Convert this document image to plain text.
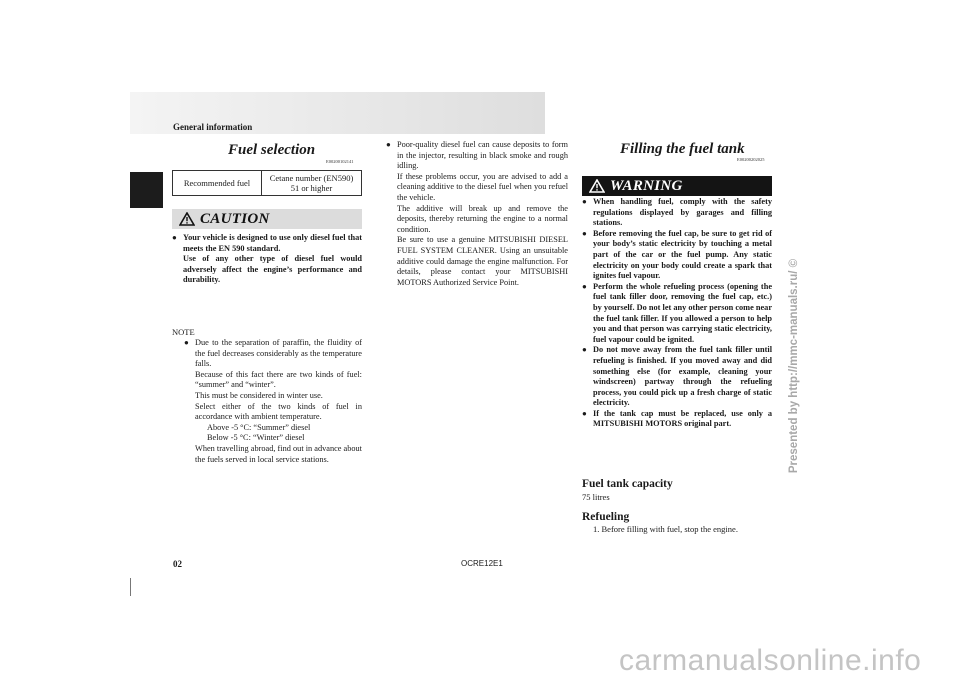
General information
Fuel selection
E00200102141
Recommended fuel	Cetane number (EN590)
51 or higher
CAUTION
● Your vehicle is designed to use only diesel fuel that meets the EN 590 standard.

Use of any other type of diesel fuel would adversely affect the engine’s performance and durability.

NOTE
● Due to the separation of paraffin, the fluidity of the fuel decreases considerably as the temperature falls.

Because of this fact there are two kinds of fuel: “summer” and “winter”.

This must be considered in winter use.

Select either of the two kinds of fuel in accordance with ambient temperature.

Above -5 °C: “Summer” diesel

Below -5 °C: “Winter” diesel

When travelling abroad, find out in advance about the fuels served in local service stations.

● Poor-quality diesel fuel can cause deposits to form in the injector, resulting in black smoke and rough idling.

If these problems occur, you are advised to add a cleaning additive to the diesel fuel when you refuel the vehicle.

The additive will break up and remove the deposits, thereby returning the engine to a normal condition.

Be sure to use a genuine MITSUBISHI DIESEL FUEL SYSTEM CLEANER. Using an unsuitable additive could damage the engine malfunction. For details, please contact your MITSUBISHI MOTORS Authorized Service Point.

Filling the fuel tank
E00200202025
WARNING
● When handling fuel, comply with the safety regulations displayed by garages and filling stations.
● Before removing the fuel cap, be sure to get rid of your body’s static electricity by touching a metal part of the car or the fuel pump. Any static electricity on your body could create a spark that ignites fuel vapour.
● Perform the whole refueling process (opening the fuel tank filler door, removing the fuel cap, etc.) by yourself. Do not let any other person come near the fuel tank filler. If you allowed a person to help you and that person was carrying static electricity, fuel vapour could be ignited.
● Do not move away from the fuel tank filler until refueling is finished. If you moved away and did something else (for example, cleaning your windscreen) partway through the refueling process, you could pick up a fresh charge of static electricity.
● If the tank cap must be replaced, use only a MITSUBISHI MOTORS original part.
Fuel tank capacity
75 litres
Refueling
1. Before filling with fuel, stop the engine.
02	OCRE12E1
Presented by http://mmc-manuals.ru/ ©
carmanualsonline.info
